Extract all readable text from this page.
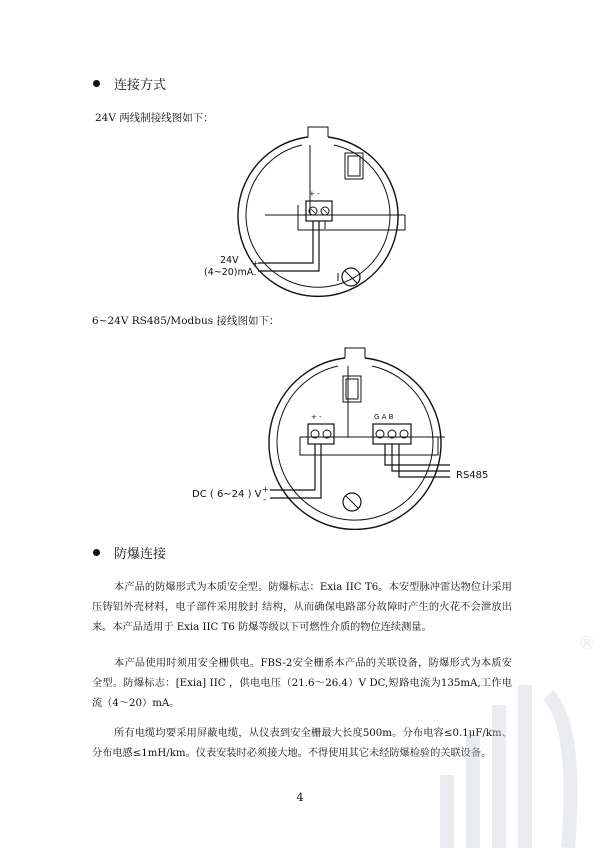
连接方式
24V 两线制接线图如下：
+ -
24V
(4~20)mA
+
-
6~24V RS485/Modbus 接线图如下：
+ -	G A B
DC ( 6~24 ) V +
-
RS485
防爆连接

本产品的防爆形式为本质安全型。防爆标志：Exia IIC T6。本安型脉冲雷达物位计采用压铸铝外壳材料，电子部件采用胶封 结构，从而确保电路部分故障时产生的火花不会泄放出来。本产品适用于 Exia IIC T6 防爆等级以下可燃性介质的物位连续测量。

本产品使用时须用安全栅供电。FBS-2安全栅系本产品的关联设备，防爆形式为本质安全型。防爆标志：[Exia] IIC ，供电电压（21.6～26.4）V DC,短路电流为135mA,工作电流（4～20）mA。

所有电缆均要采用屏蔽电缆，从仪表到安全栅最大长度500m。分布电容≤0.1μF/km、分布电感≤1mH/km。仪表安装时必须接大地。不得使用其它未经防爆检验的关联设备。

®
4
